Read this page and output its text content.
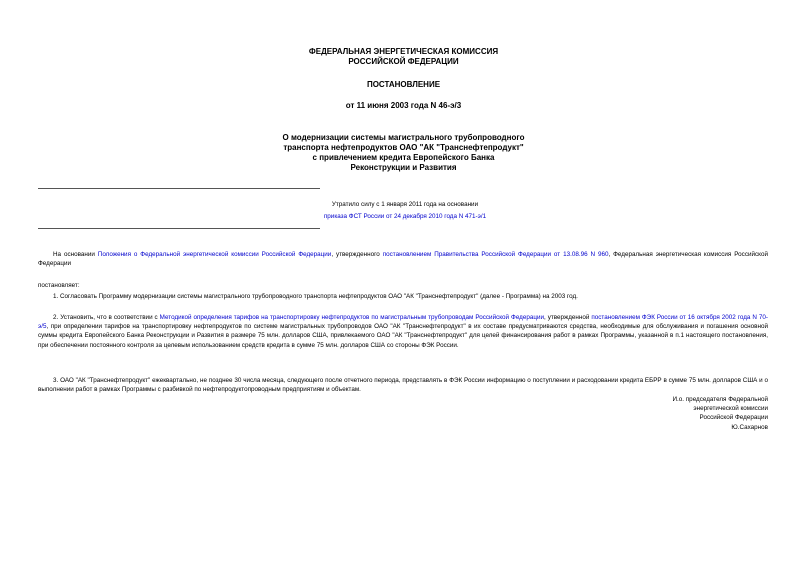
ФЕДЕРАЛЬНАЯ ЭНЕРГЕТИЧЕСКАЯ КОМИССИЯ
РОССИЙСКОЙ ФЕДЕРАЦИИ
ПОСТАНОВЛЕНИЕ
от 11 июня 2003 года N 46-э/3
О модернизации системы магистрального трубопроводного
транспорта нефтепродуктов ОАО "АК "Транснефтепродукт"
с привлечением кредита Европейского Банка
Реконструкции и Развития
Утратило силу с 1 января 2011 года на основании
приказа ФСТ России от 24 декабря 2010 года N 471-э/1
На основании Положения о Федеральной энергетической комиссии Российской Федерации, утвержденного постановлением Правительства Российской Федерации от 13.08.96 N 960, Федеральная энергетическая комиссия Российской Федерации
постановляет:
1. Согласовать Программу модернизации системы магистрального трубопроводного транспорта нефтепродуктов ОАО "АК "Транснефтепродукт" (далее - Программа) на 2003 год.
2. Установить, что в соответствии с Методикой определения тарифов на транспортировку нефтепродуктов по магистральным трубопроводам Российской Федерации, утвержденной постановлением ФЭК России от 16 октября 2002 года N 70-э/5, при определении тарифов на транспортировку нефтепродуктов по системе магистральных трубопроводов ОАО "АК "Транснефтепродукт" в их составе предусматриваются средства, необходимые для обслуживания и погашения основной суммы кредита Европейского Банка Реконструкции и Развития в размере 75 млн. долларов США, привлекаемого ОАО "АК "Транснефтепродукт" для целей финансирования работ в рамках Программы, указанной в п.1 настоящего постановления, при обеспечении постоянного контроля за целевым использованием средств кредита в сумме 75 млн. долларов США со стороны ФЭК России.
3. ОАО "АК "Транснефтепродукт" ежеквартально, не позднее 30 числа месяца, следующего после отчетного периода, представлять в ФЭК России информацию о поступлении и расходовании кредита ЕБРР в сумме 75 млн. долларов США и о выполнении работ в рамках Программы с разбивкой по нефтепродуктопроводным предприятиям и объектам.
И.о. председателя Федеральной
энергетической комиссии
Российской Федерации
Ю.Сахарнов
